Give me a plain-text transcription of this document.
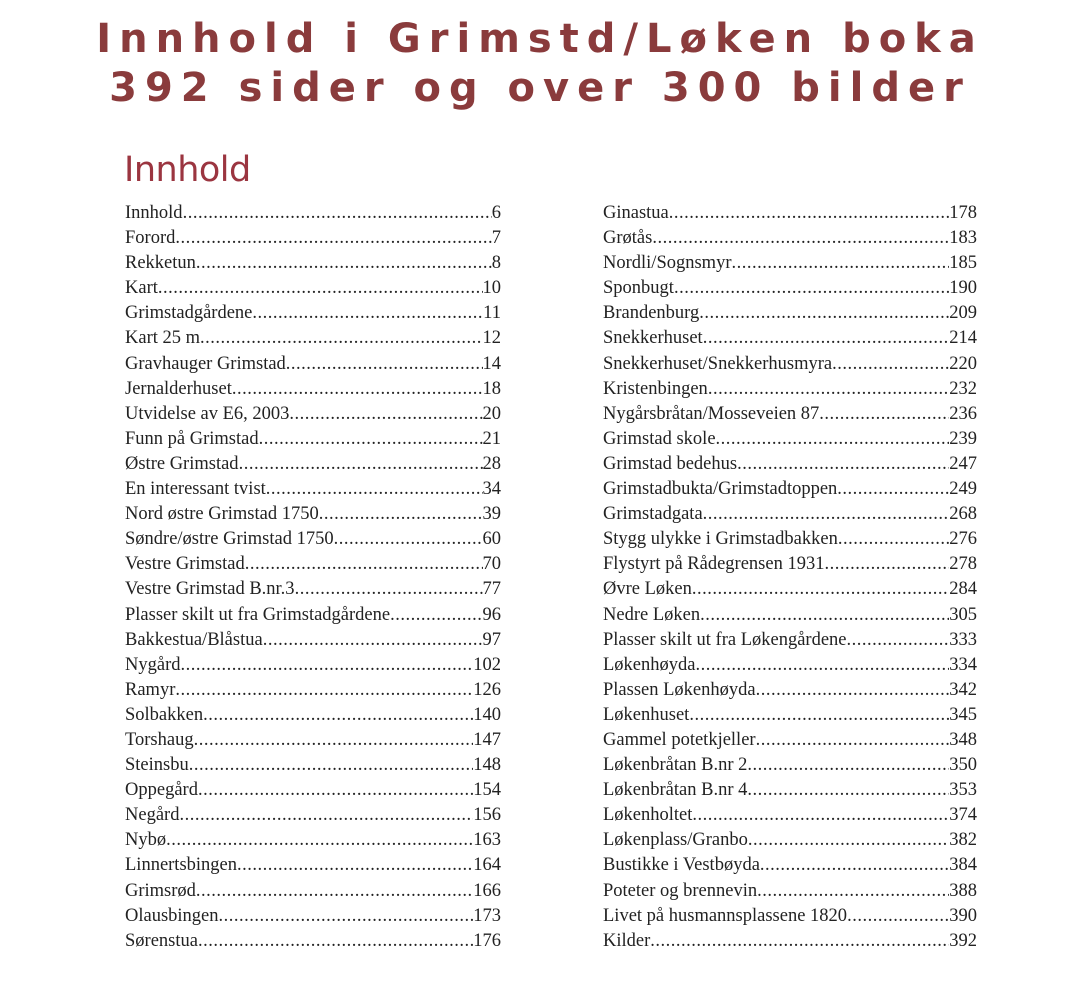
Innhold i Grimstd/Løken boka
392 sider og over 300 bilder
Innhold
Innhold .....	6
Forord .....	7
Rekketun .....	8
Kart .....	10
Grimstadgårdene .....	11
Kart 25 m .....	12
Gravhauger Grimstad .....	14
Jernalderhuset .....	18
Utvidelse av E6, 2003 .....	20
Funn på Grimstad .....	21
Østre Grimstad .....	28
En interessant tvist .....	34
Nord østre Grimstad 1750 .....	39
Søndre/østre Grimstad 1750 .....	60
Vestre Grimstad .....	70
Vestre Grimstad B.nr.3 .....	77
Plasser skilt ut fra Grimstadgårdene .....	96
Bakkestua/Blåstua .....	97
Nygård .....	102
Ramyr .....	126
Solbakken .....	140
Torshaug .....	147
Steinsbu .....	148
Oppegård .....	154
Negård .....	156
Nybø .....	163
Linnertsbingen .....	164
Grimsrød .....	166
Olausbingen .....	173
Sørenstua .....	176
Ginastua .....	178
Grøtås .....	183
Nordli/Sognsmyr .....	185
Sponbugt .....	190
Brandenburg .....	209
Snekkerhuset .....	214
Snekkerhuset/Snekkerhusmyra .....	220
Kristenbingen .....	232
Nygårsbråtan/Mosseveien 87 .....	236
Grimstad skole .....	239
Grimstad bedehus .....	247
Grimstadbukta/Grimstadtoppen .....	249
Grimstadgata .....	268
Stygg ulykke i Grimstadbakken .....	276
Flystyrt på Rådegrensen 1931 .....	278
Øvre Løken .....	284
Nedre Løken .....	305
Plasser skilt ut fra Løkengårdene .....	333
Løkenhøyda .....	334
Plassen Løkenhøyda .....	342
Løkenhuset .....	345
Gammel potetkjeller .....	348
Løkenbråtan B.nr 2 .....	350
Løkenbråtan B.nr 4 .....	353
Løkenholtet .....	374
Løkenplass/Granbo .....	382
Bustikke i Vestbøyda .....	384
Poteter og brennevin .....	388
Livet på husmannsplassene 1820 .....	390
Kilder .....	392
